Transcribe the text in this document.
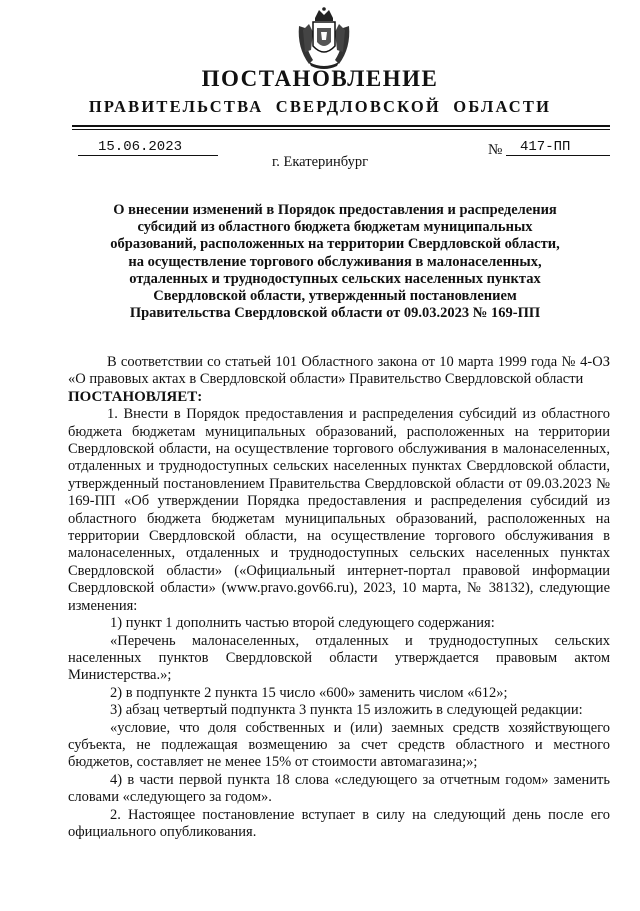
ПОСТАНОВЛЕНИЕ
ПРАВИТЕЛЬСТВА СВЕРДЛОВСКОЙ ОБЛАСТИ
15.06.2023	№	417-ПП
г. Екатеринбург
О внесении изменений в Порядок предоставления и распределения
субсидий из областного бюджета бюджетам муниципальных
образований, расположенных на территории Свердловской области,
на осуществление торгового обслуживания в малонаселенных,
отдаленных и труднодоступных сельских населенных пунктах
Свердловской области, утвержденный постановлением
Правительства Свердловской области от 09.03.2023 № 169-ПП

В соответствии со статьей 101 Областного закона от 10 марта 1999 года № 4-ОЗ «О правовых актах в Свердловской области» Правительство Свердловской области

ПОСТАНОВЛЯЕТ:

1. Внести в Порядок предоставления и распределения субсидий из областного бюджета бюджетам муниципальных образований, расположенных на территории Свердловской области, на осуществление торгового обслуживания в малонаселенных, отдаленных и труднодоступных сельских населенных пунктах Свердловской области, утвержденный постановлением Правительства Свердловской области от 09.03.2023 № 169-ПП «Об утверждении Порядка предоставления и распределения субсидий из областного бюджета бюджетам муниципальных образований, расположенных на территории Свердловской области, на осуществление торгового обслуживания в малонаселенных, отдаленных и труднодоступных сельских населенных пунктах Свердловской области» («Официальный интернет-портал правовой информации Свердловской области» (www.pravo.gov66.ru), 2023, 10 марта, № 38132), следующие изменения:

1) пункт 1 дополнить частью второй следующего содержания:

«Перечень малонаселенных, отдаленных и труднодоступных сельских населенных пунктов Свердловской области утверждается правовым актом Министерства.»;

2) в подпункте 2 пункта 15 число «600» заменить числом «612»;

3) абзац четвертый подпункта 3 пункта 15 изложить в следующей редакции:

«условие, что доля собственных и (или) заемных средств хозяйствующего субъекта, не подлежащая возмещению за счет средств областного и местного бюджетов, составляет не менее 15% от стоимости автомагазина;»;

4) в части первой пункта 18 слова «следующего за отчетным годом» заменить словами «следующего за годом».

2. Настоящее постановление вступает в силу на следующий день после его официального опубликования.
